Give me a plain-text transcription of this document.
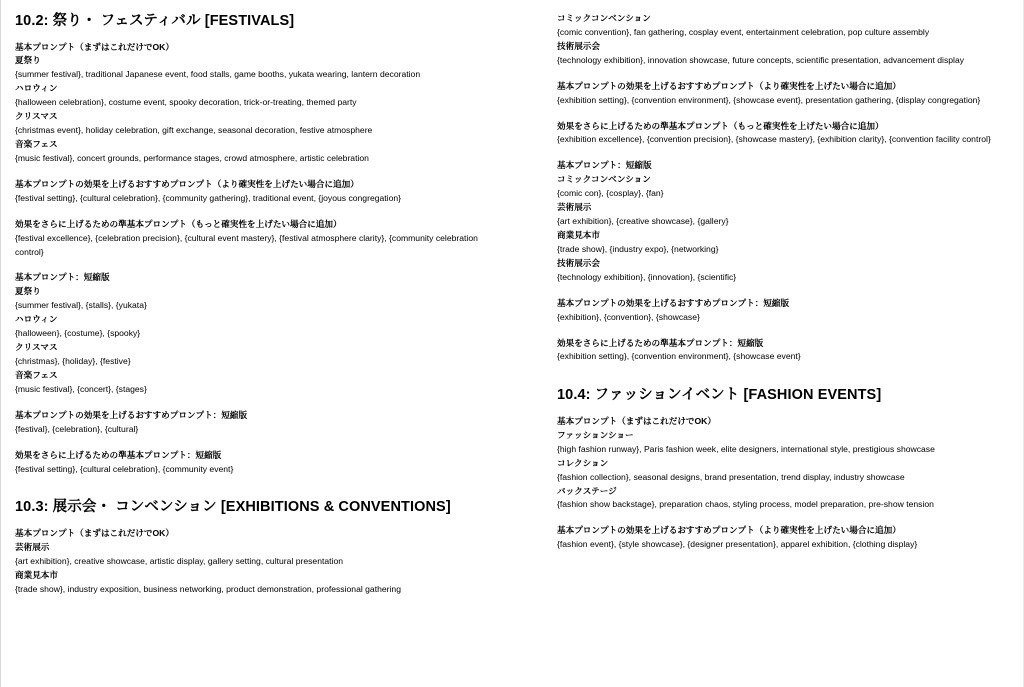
10.2: 祭り・ フェスティバル [FESTIVALS]

基本プロンプト（まずはこれだけでOK）

夏祭り

{summer festival}, traditional Japanese event, food stalls, game booths, yukata wearing, lantern decoration

ハロウィン

{halloween celebration}, costume event, spooky decoration, trick-or-treating, themed party

クリスマス

{christmas event}, holiday celebration, gift exchange, seasonal decoration, festive atmosphere

音楽フェス

{music festival}, concert grounds, performance stages, crowd atmosphere, artistic celebration

基本プロンプトの効果を上げるおすすめプロンプト（より確実性を上げたい場合に追加）

{festival setting}, {cultural celebration}, {community gathering}, traditional event, {joyous congregation}

効果をさらに上げるための準基本プロンプト（もっと確実性を上げたい場合に追加）

{festival excellence}, {celebration precision}, {cultural event mastery}, {festival atmosphere clarity}, {community celebration control}

基本プロンプト：短縮版

夏祭り

{summer festival}, {stalls}, {yukata}

ハロウィン

{halloween}, {costume}, {spooky}

クリスマス

{christmas}, {holiday}, {festive}

音楽フェス

{music festival}, {concert}, {stages}

基本プロンプトの効果を上げるおすすめプロンプト：短縮版

{festival}, {celebration}, {cultural}

効果をさらに上げるための準基本プロンプト：短縮版

{festival setting}, {cultural celebration}, {community event}

10.3: 展示会・ コンベンション [EXHIBITIONS & CONVENTIONS]

基本プロンプト（まずはこれだけでOK）

芸術展示

{art exhibition}, creative showcase, artistic display, gallery setting, cultural presentation

商業見本市

{trade show}, industry exposition, business networking, product demonstration, professional gathering

コミックコンベンション

{comic convention}, fan gathering, cosplay event, entertainment celebration, pop culture assembly

技術展示会

{technology exhibition}, innovation showcase, future concepts, scientific presentation, advancement display

基本プロンプトの効果を上げるおすすめプロンプト（より確実性を上げたい場合に追加）

{exhibition setting}, {convention environment}, {showcase event}, presentation gathering, {display congregation}

効果をさらに上げるための準基本プロンプト（もっと確実性を上げたい場合に追加）

{exhibition excellence}, {convention precision}, {showcase mastery}, {exhibition clarity}, {convention facility control}

基本プロンプト：短縮版

コミックコンベンション

{comic con}, {cosplay}, {fan}

芸術展示

{art exhibition}, {creative showcase}, {gallery}

商業見本市

{trade show}, {industry expo}, {networking}

技術展示会

{technology exhibition}, {innovation}, {scientific}

基本プロンプトの効果を上げるおすすめプロンプト：短縮版

{exhibition}, {convention}, {showcase}

効果をさらに上げるための準基本プロンプト：短縮版

{exhibition setting}, {convention environment}, {showcase event}

10.4: ファッションイベント [FASHION EVENTS]

基本プロンプト（まずはこれだけでOK）

ファッションショー

{high fashion runway}, Paris fashion week, elite designers, international style, prestigious showcase

コレクション

{fashion collection}, seasonal designs, brand presentation, trend display, industry showcase

バックステージ

{fashion show backstage}, preparation chaos, styling process, model preparation, pre-show tension

基本プロンプトの効果を上げるおすすめプロンプト（より確実性を上げたい場合に追加）

{fashion event}, {style showcase}, {designer presentation}, apparel exhibition, {clothing display}
